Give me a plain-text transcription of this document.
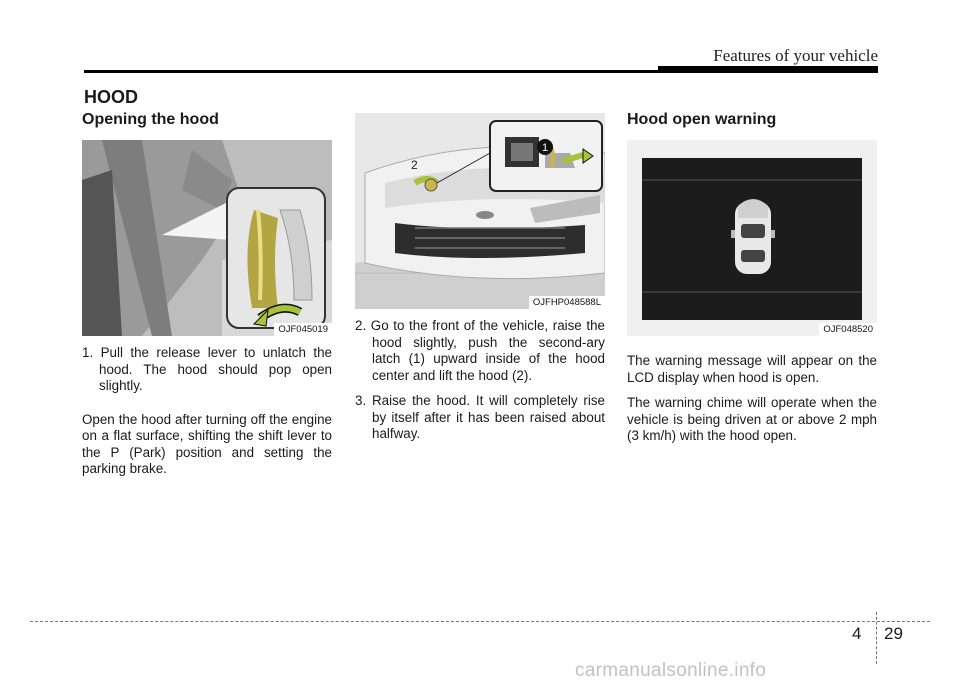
Features of your vehicle
HOOD
Opening the hood
OJF045019

1. Pull the release lever to unlatch the hood. The hood should pop open slightly.

Open the hood after turning off the engine on a flat surface, shifting the shift lever to the P (Park) position and setting the parking brake.

1
2
OJFHP048588L

2. Go to the front of the vehicle, raise the hood slightly, push the second-ary latch (1) upward inside of the hood center and lift the hood (2).

3. Raise the hood. It will completely rise by itself after it has been raised about halfway.

Hood open warning
OJF048520

The warning message will appear on the LCD display when hood is open.

The warning chime will operate when the vehicle is being driven at or above 2 mph (3 km/h) with the hood open.

4 29
carmanualsonline.info
